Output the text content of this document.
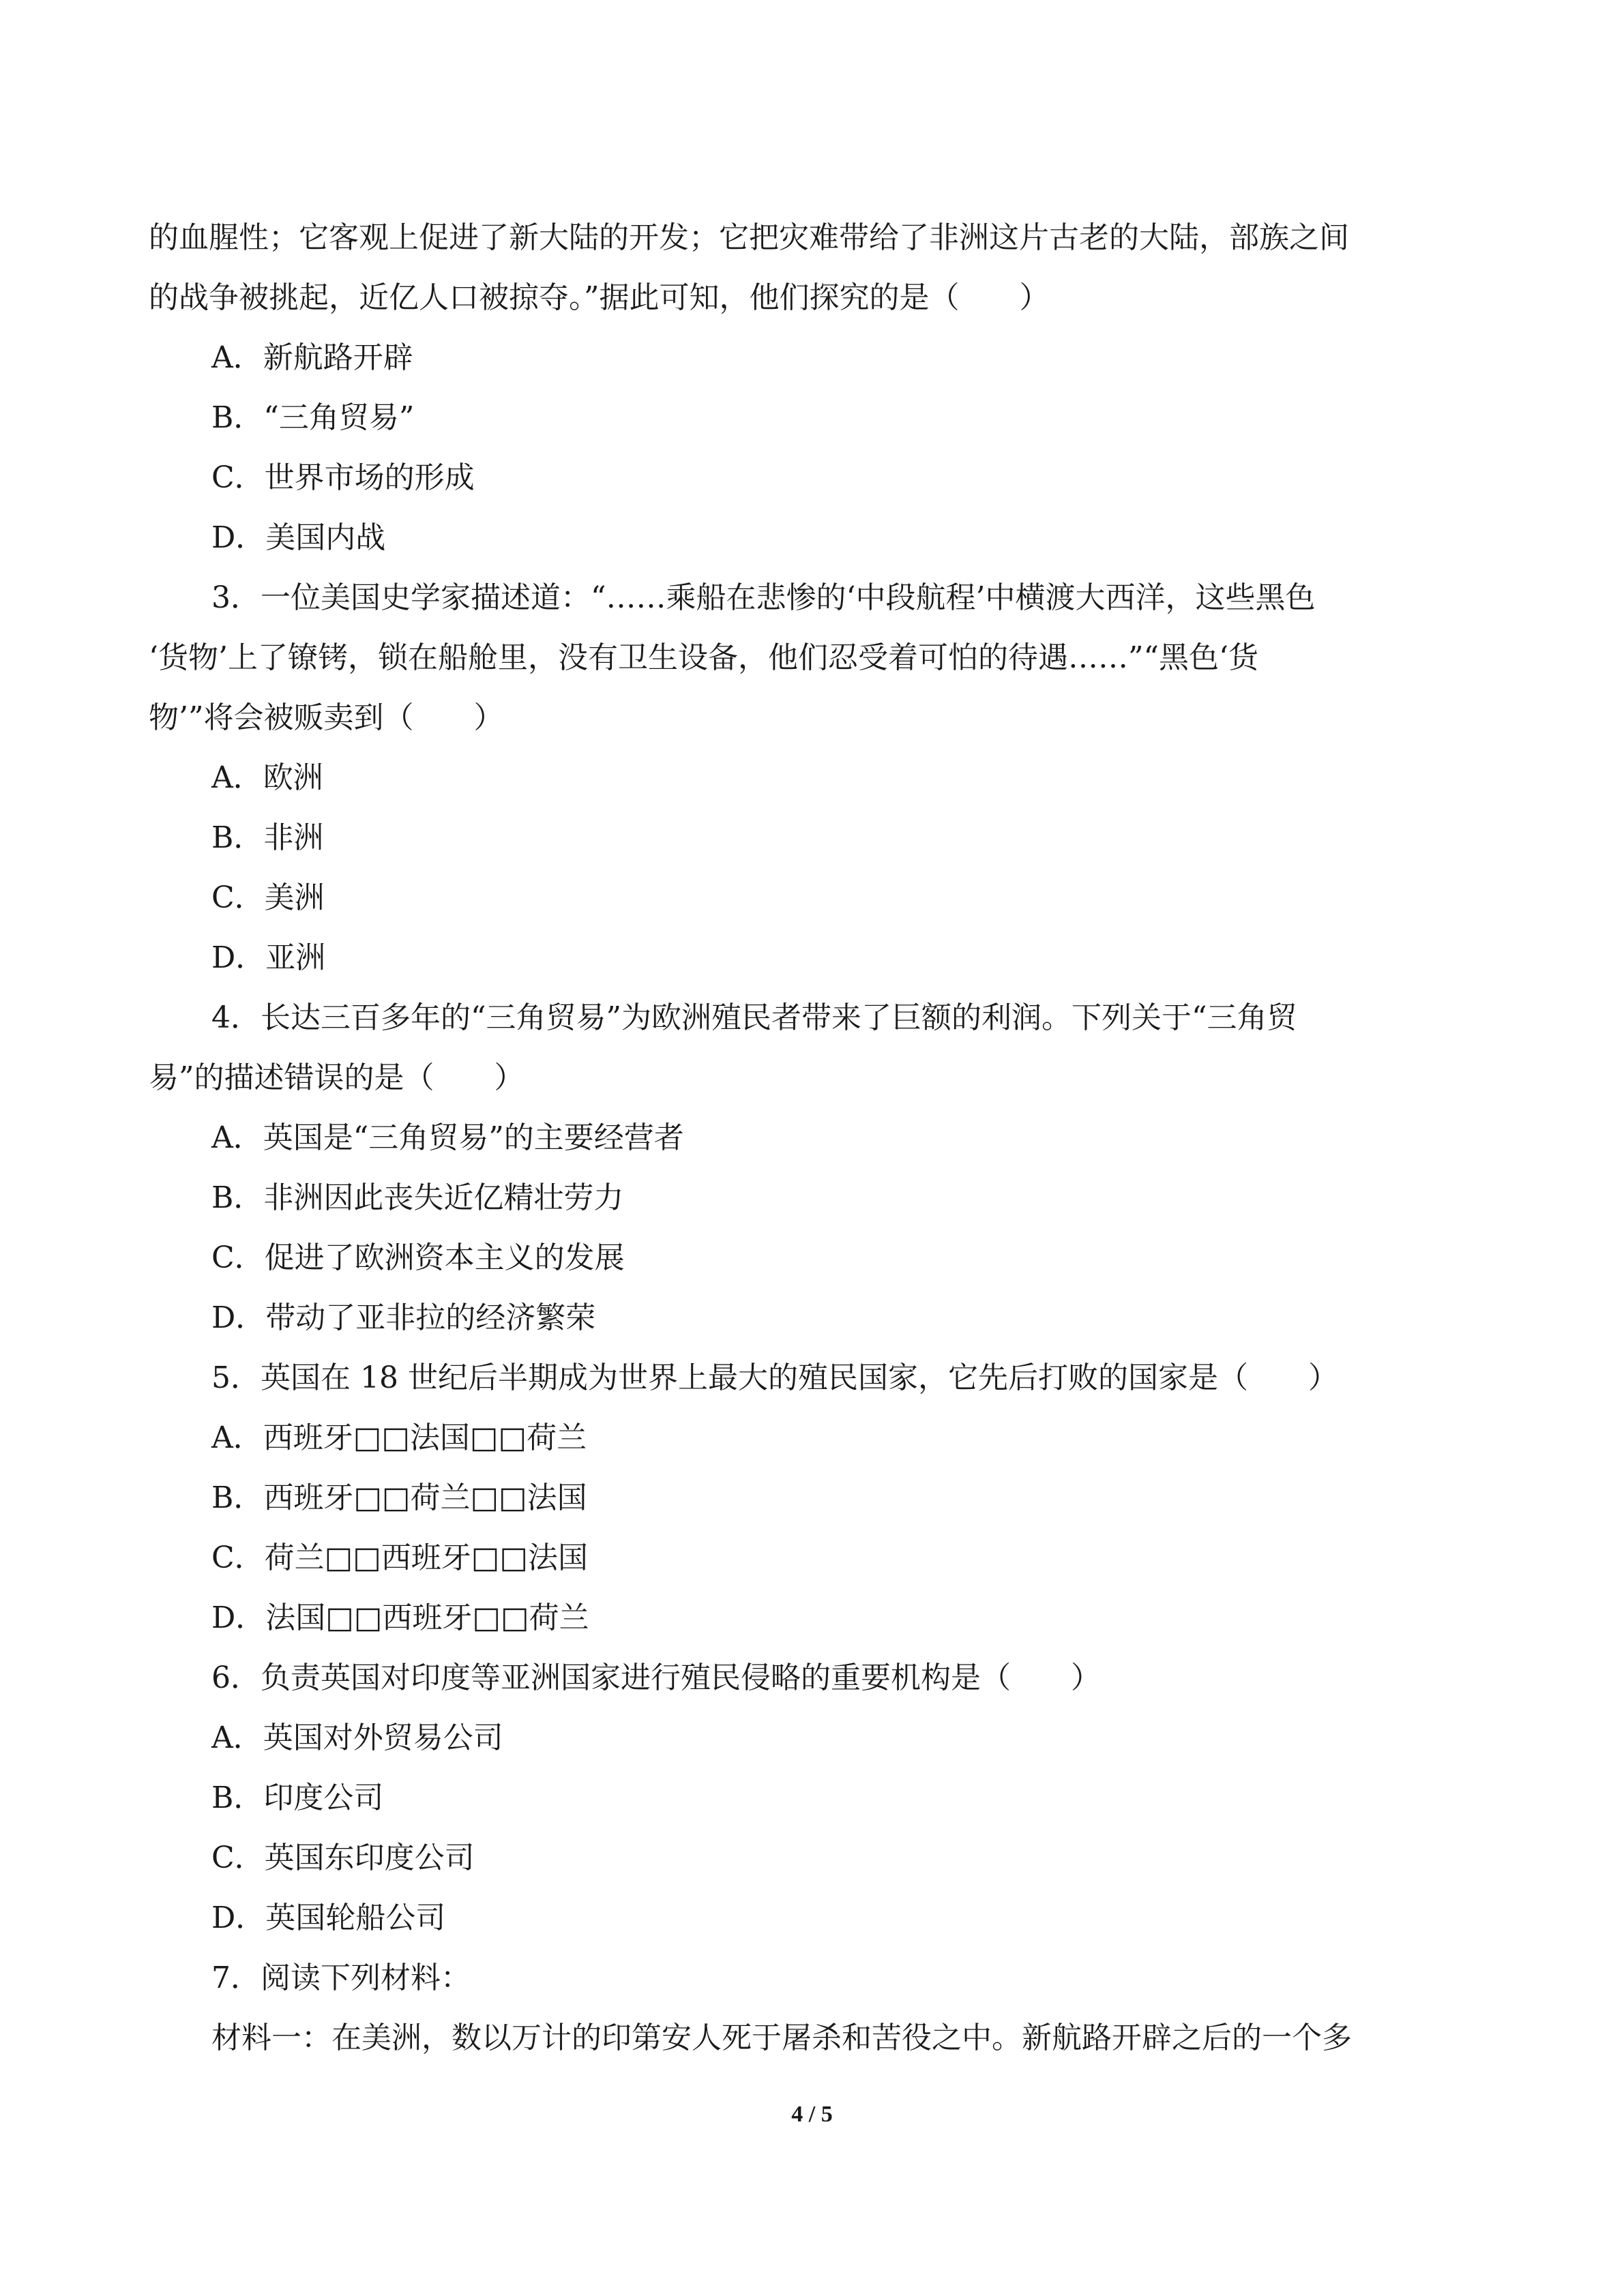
的血腥性；它客观上促进了新大陆的开发；它把灾难带给了非洲这片古老的大陆，部族之间
的战争被挑起，近亿人口被掠夺。”据此可知，他们探究的是（　　）
A．新航路开辟
B．“三角贸易”
C．世界市场的形成
D．美国内战
3．一位美国史学家描述道：“……乘船在悲惨的‘中段航程’中横渡大西洋，这些黑色
‘货物’上了镣铐，锁在船舱里，没有卫生设备，他们忍受着可怕的待遇……”“黑色‘货
物’”将会被贩卖到（　　）
A．欧洲
B．非洲
C．美洲
D．亚洲
4．长达三百多年的“三角贸易”为欧洲殖民者带来了巨额的利润。下列关于“三角贸
易”的描述错误的是（　　）
A．英国是“三角贸易”的主要经营者
B．非洲因此丧失近亿精壮劳力
C．促进了欧洲资本主义的发展
D．带动了亚非拉的经济繁荣
5．英国在 18 世纪后半期成为世界上最大的殖民国家，它先后打败的国家是（　　）
A．西班牙□□法国□□荷兰
B．西班牙□□荷兰□□法国
C．荷兰□□西班牙□□法国
D．法国□□西班牙□□荷兰
6．负责英国对印度等亚洲国家进行殖民侵略的重要机构是（　　）
A．英国对外贸易公司
B．印度公司
C．英国东印度公司
D．英国轮船公司
7．阅读下列材料：
材料一：在美洲，数以万计的印第安人死于屠杀和苦役之中。新航路开辟之后的一个多
4 / 5
